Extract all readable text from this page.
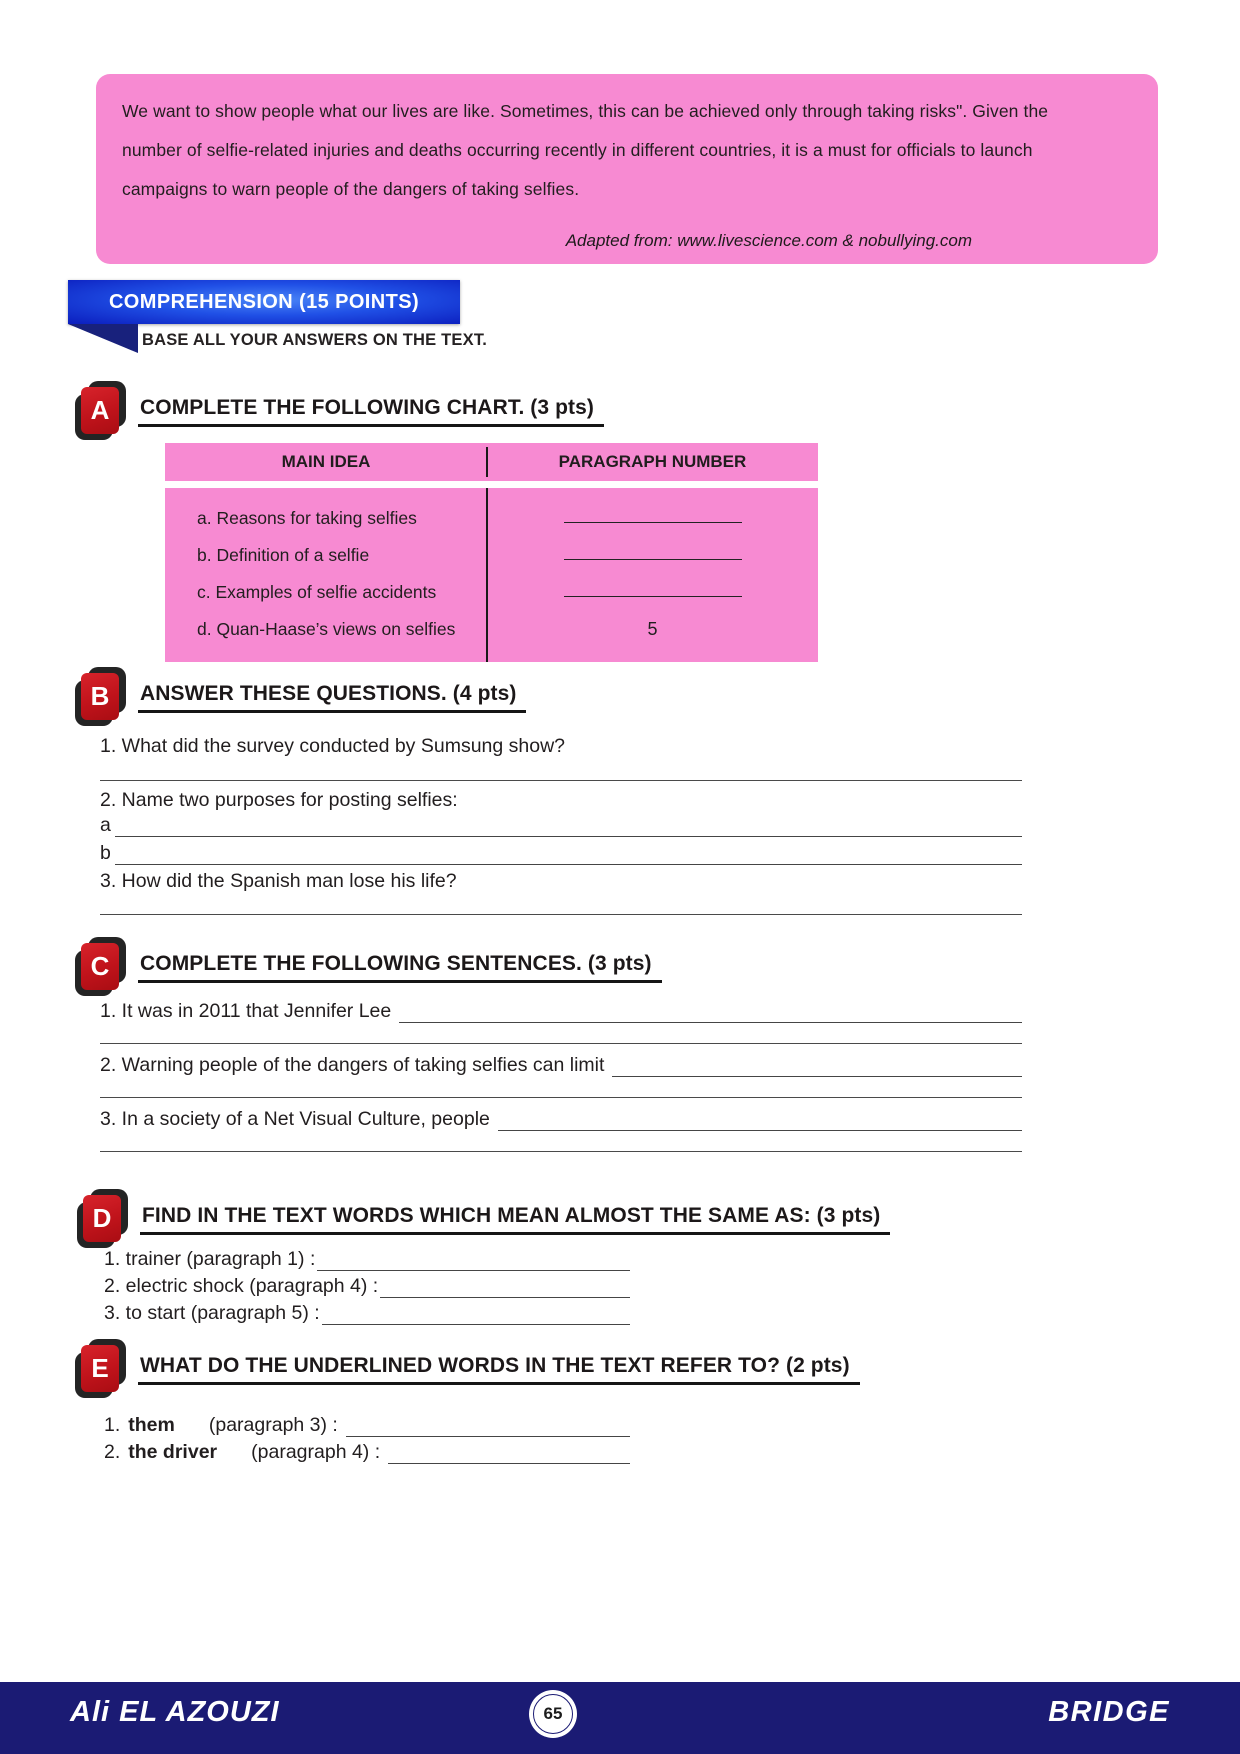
We want to show people what our lives are like. Sometimes, this can be achieved only through taking risks". Given the
number of selfie-related injuries and deaths occurring recently in different countries, it is a must for officials to launch
campaigns to warn people of the dangers of taking selfies.
Adapted from: www.livescience.com & nobullying.com
COMPREHENSION (15 POINTS)
BASE ALL YOUR ANSWERS ON THE TEXT.
A	COMPLETE THE FOLLOWING CHART. (3 pts)
MAIN IDEA	PARAGRAPH NUMBER
a. Reasons for taking selfies
b. Definition of a selfie
c. Examples of selfie accidents
d. Quan-Haase’s views on selfies	5
B	ANSWER THESE QUESTIONS. (4 pts)
1. What did the survey conducted by Sumsung show?
2. Name two purposes for posting selfies:
a
b
3. How did the Spanish man lose his life?
C	COMPLETE THE FOLLOWING SENTENCES. (3 pts)
1. It was in 2011 that Jennifer Lee
2. Warning people of the dangers of taking selfies can limit
3. In a society of a Net Visual Culture, people
D	FIND IN THE TEXT WORDS WHICH MEAN ALMOST THE SAME AS: (3 pts)
1. trainer (paragraph 1) :
2. electric shock (paragraph 4) :
3. to start (paragraph 5) :
E	WHAT DO THE UNDERLINED WORDS IN THE TEXT REFER TO? (2 pts)
1. them (paragraph 3) :
2. the driver (paragraph 4) :
Ali EL AZOUZI	65	BRIDGE
